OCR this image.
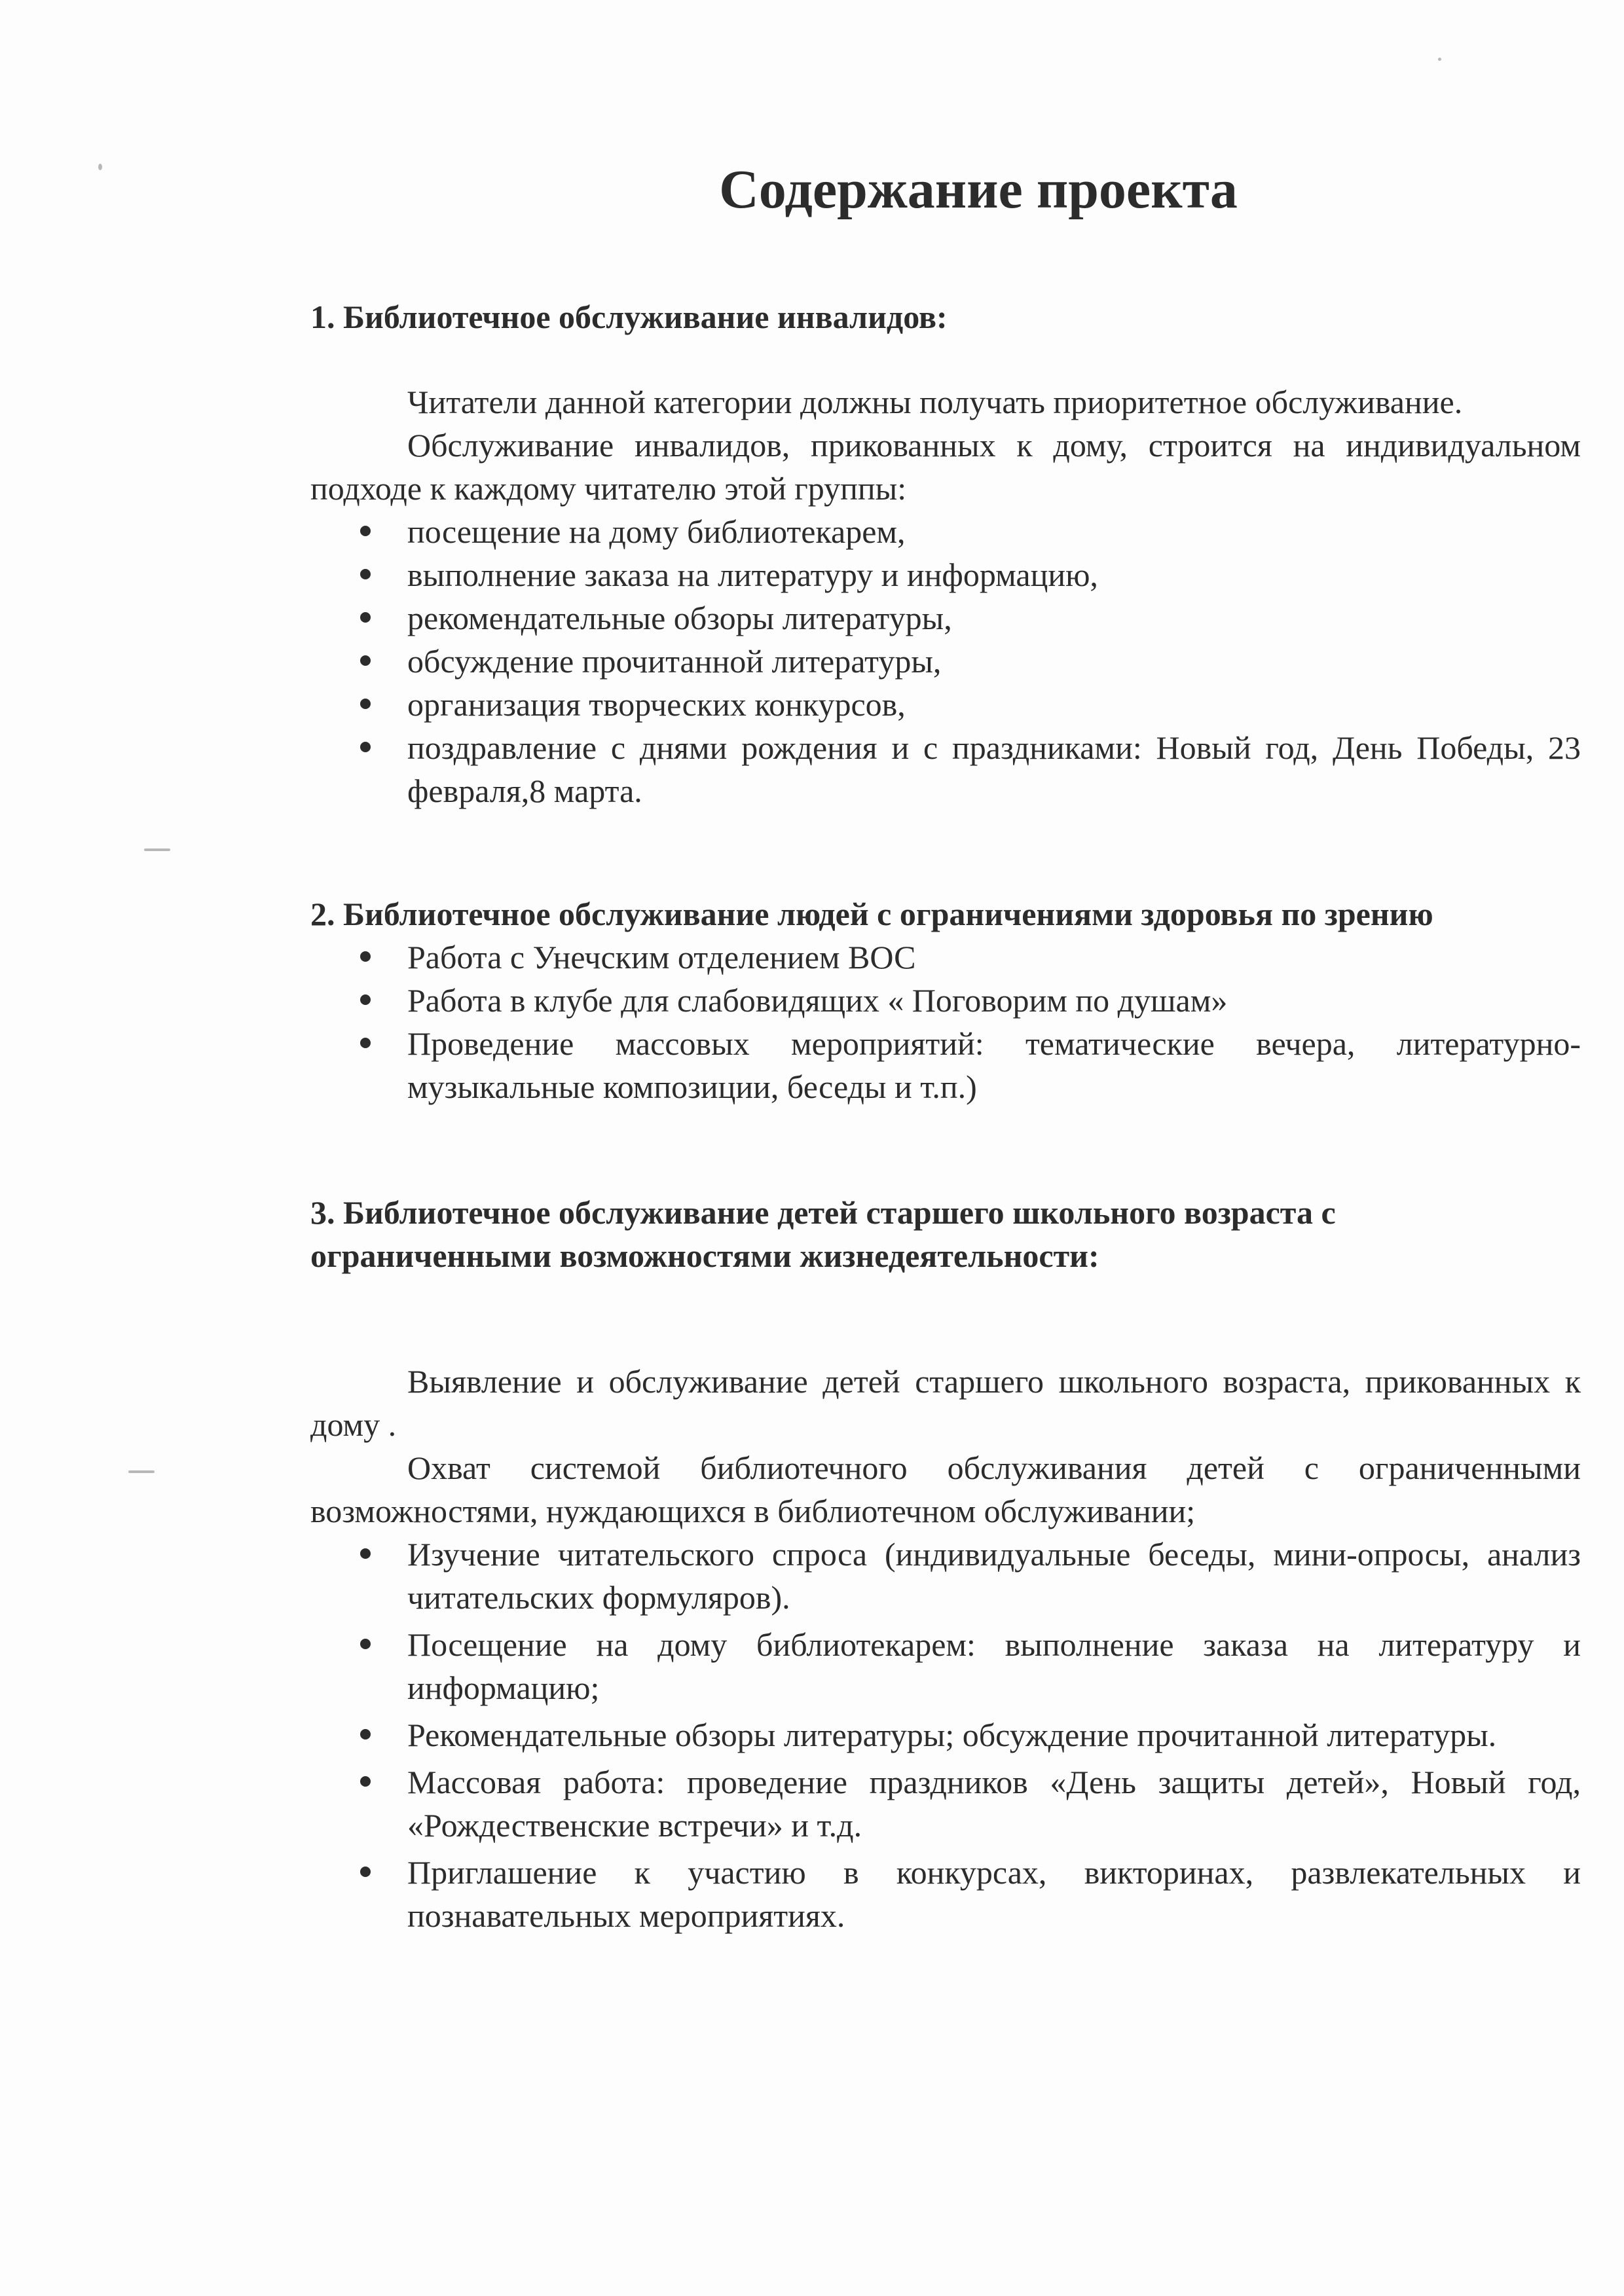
Содержание проекта
1. Библиотечное обслуживание инвалидов:

Читатели данной категории должны получать приоритетное обслуживание.

Обслуживание инвалидов, прикованных к дому, строится на индивидуальном подходе к каждому читателю этой группы:

посещение на дому библиотекарем,
выполнение заказа на литературу и информацию,
рекомендательные обзоры литературы,
обсуждение прочитанной литературы,
организация творческих конкурсов,
поздравление с днями рождения и с праздниками: Новый год, День Победы, 23 февраля,8 марта.
2. Библиотечное обслуживание людей с ограничениями здоровья по зрению
Работа с Унечским отделением ВОС
Работа в клубе для слабовидящих « Поговорим по душам»
Проведение массовых мероприятий: тематические вечера, литературно-музыкальные композиции, беседы и т.п.)
3. Библиотечное обслуживание детей старшего школьного возраста с ограниченными возможностями жизнедеятельности:

Выявление и обслуживание детей старшего школьного возраста, прикованных к дому .

Охват системой библиотечного обслуживания детей с ограниченными возможностями, нуждающихся в библиотечном обслуживании;

Изучение читательского спроса (индивидуальные беседы, мини-опросы, анализ читательских формуляров).
Посещение на дому библиотекарем: выполнение заказа на литературу и информацию;
Рекомендательные обзоры литературы; обсуждение прочитанной литературы.
Массовая работа: проведение праздников «День защиты детей», Новый год, «Рождественские встречи» и т.д.
Приглашение к участию в конкурсах, викторинах, развлекательных и познавательных мероприятиях.
